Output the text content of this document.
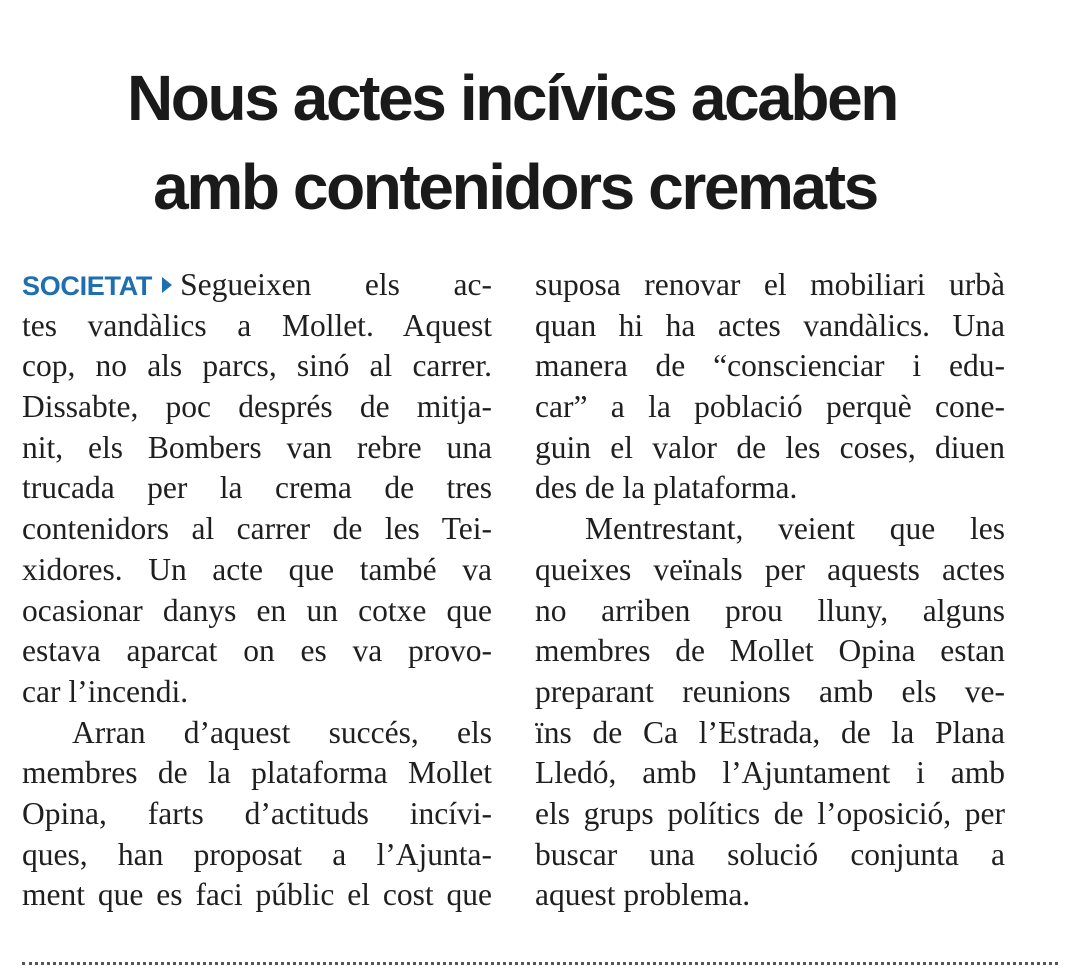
Nous actes incívics acaben
amb contenidors cremats
SOCIETAT Segueixen els ac-
tes vandàlics a Mollet. Aquest
cop, no als parcs, sinó al carrer.
Dissabte, poc després de mitja-
nit, els Bombers van rebre una
trucada per la crema de tres
contenidors al carrer de les Tei-
xidores. Un acte que també va
ocasionar danys en un cotxe que
estava aparcat on es va provo-
car l’incendi.
Arran d’aquest succés, els
membres de la plataforma Mollet
Opina, farts d’actituds incívi-
ques, han proposat a l’Ajunta-
ment que es faci públic el cost que
suposa renovar el mobiliari urbà
quan hi ha actes vandàlics. Una
manera de “conscienciar i edu-
car” a la població perquè cone-
guin el valor de les coses, diuen
des de la plataforma.
Mentrestant, veient que les
queixes veïnals per aquests actes
no arriben prou lluny, alguns
membres de Mollet Opina estan
preparant reunions amb els ve-
ïns de Ca l’Estrada, de la Plana
Lledó, amb l’Ajuntament i amb
els grups polítics de l’oposició, per
buscar una solució conjunta a
aquest problema.
